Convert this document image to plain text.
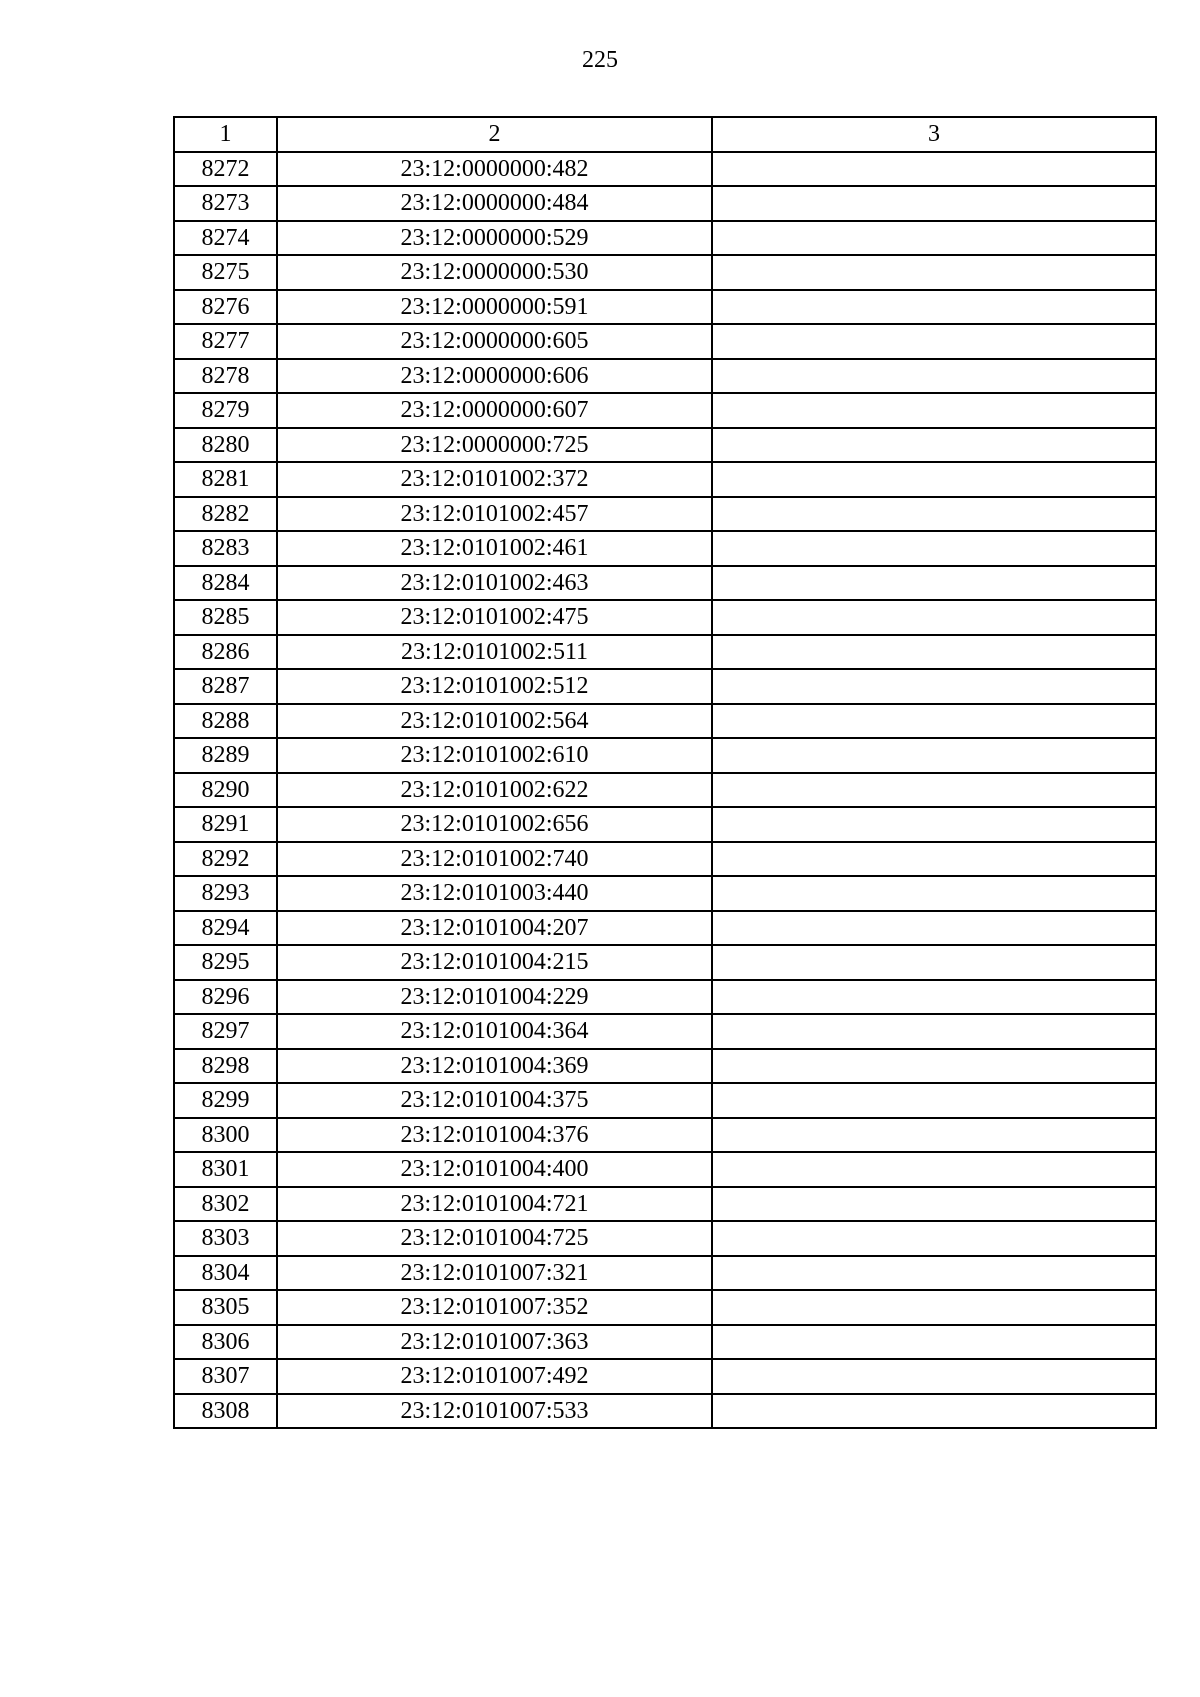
225
1	2	3
8272	23:12:0000000:482	
8273	23:12:0000000:484	
8274	23:12:0000000:529	
8275	23:12:0000000:530	
8276	23:12:0000000:591	
8277	23:12:0000000:605	
8278	23:12:0000000:606	
8279	23:12:0000000:607	
8280	23:12:0000000:725	
8281	23:12:0101002:372	
8282	23:12:0101002:457	
8283	23:12:0101002:461	
8284	23:12:0101002:463	
8285	23:12:0101002:475	
8286	23:12:0101002:511	
8287	23:12:0101002:512	
8288	23:12:0101002:564	
8289	23:12:0101002:610	
8290	23:12:0101002:622	
8291	23:12:0101002:656	
8292	23:12:0101002:740	
8293	23:12:0101003:440	
8294	23:12:0101004:207	
8295	23:12:0101004:215	
8296	23:12:0101004:229	
8297	23:12:0101004:364	
8298	23:12:0101004:369	
8299	23:12:0101004:375	
8300	23:12:0101004:376	
8301	23:12:0101004:400	
8302	23:12:0101004:721	
8303	23:12:0101004:725	
8304	23:12:0101007:321	
8305	23:12:0101007:352	
8306	23:12:0101007:363	
8307	23:12:0101007:492	
8308	23:12:0101007:533	
